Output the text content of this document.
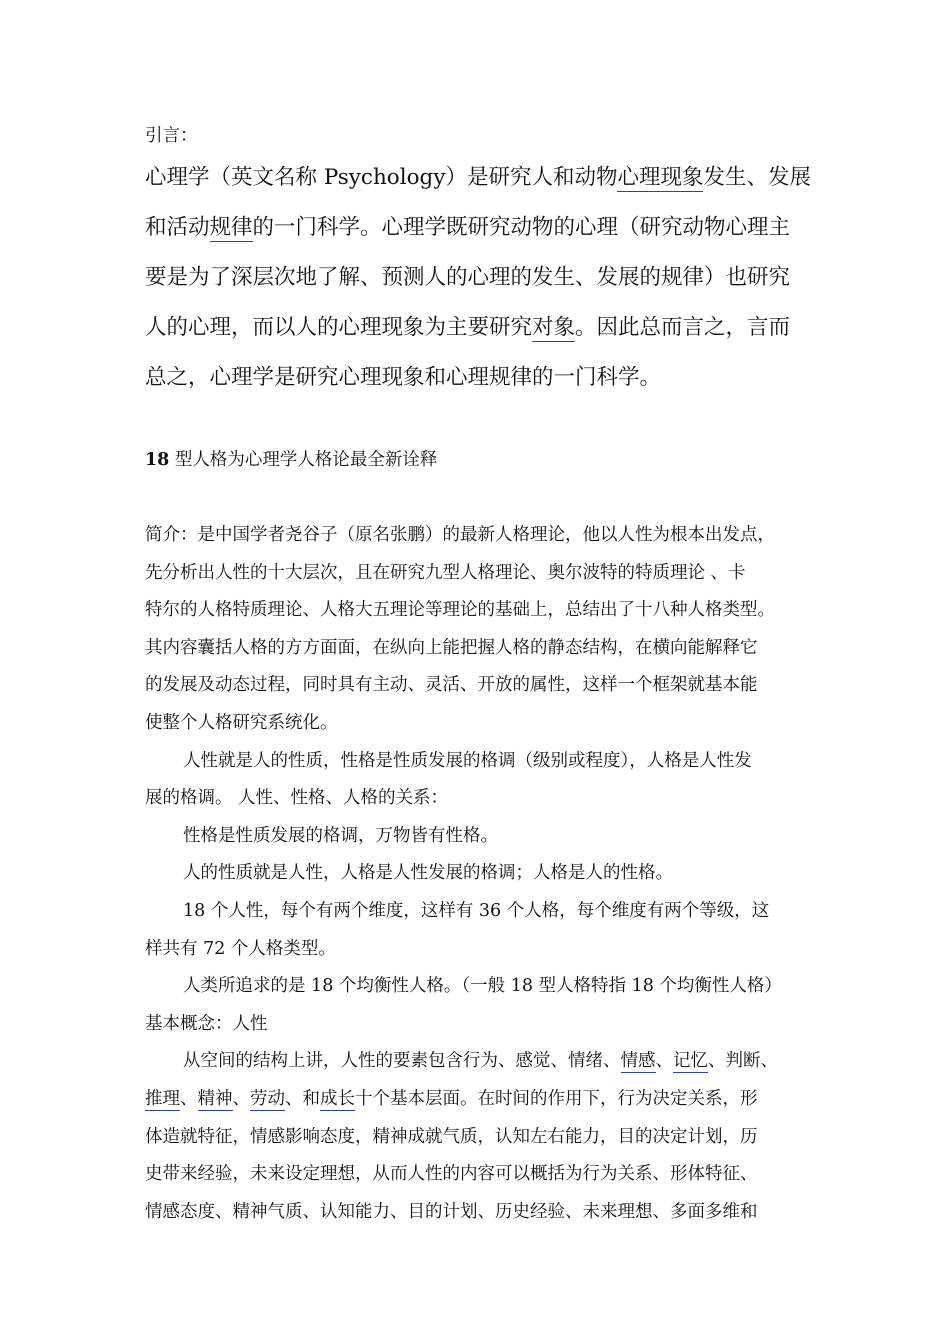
引言：
心理学（英文名称 Psychology）是研究人和动物心理现象发生、发展
和活动规律的一门科学。心理学既研究动物的心理（研究动物心理主
要是为了深层次地了解、预测人的心理的发生、发展的规律）也研究
人的心理，而以人的心理现象为主要研究对象。因此总而言之，言而
总之，心理学是研究心理现象和心理规律的一门科学。
18 型人格为心理学人格论最全新诠释
简介：是中国学者尧谷子（原名张鹏）的最新人格理论，他以人性为根本出发点，
先分析出人性的十大层次，且在研究九型人格理论、奥尔波特的特质理论 、卡
特尔的人格特质理论、人格大五理论等理论的基础上，总结出了十八种人格类型。
其内容囊括人格的方方面面，在纵向上能把握人格的静态结构，在横向能解释它
的发展及动态过程，同时具有主动、灵活、开放的属性，这样一个框架就基本能
使整个人格研究系统化。
人性就是人的性质，性格是性质发展的格调（级别或程度），人格是人性发
展的格调。 人性、性格、人格的关系：
性格是性质发展的格调，万物皆有性格。
人的性质就是人性，人格是人性发展的格调；人格是人的性格。
18 个人性，每个有两个维度，这样有 36 个人格，每个维度有两个等级，这
样共有 72 个人格类型。
人类所追求的是 18 个均衡性人格。（一般 18 型人格特指 18 个均衡性人格）
基本概念：人性
从空间的结构上讲，人性的要素包含行为、感觉、情绪、情感、记忆、判断、
推理、精神、劳动、和成长十个基本层面。在时间的作用下，行为决定关系，形
体造就特征，情感影响态度，精神成就气质，认知左右能力，目的决定计划，历
史带来经验，未来设定理想，从而人性的内容可以概括为行为关系、形体特征、
情感态度、精神气质、认知能力、目的计划、历史经验、未来理想、多面多维和
